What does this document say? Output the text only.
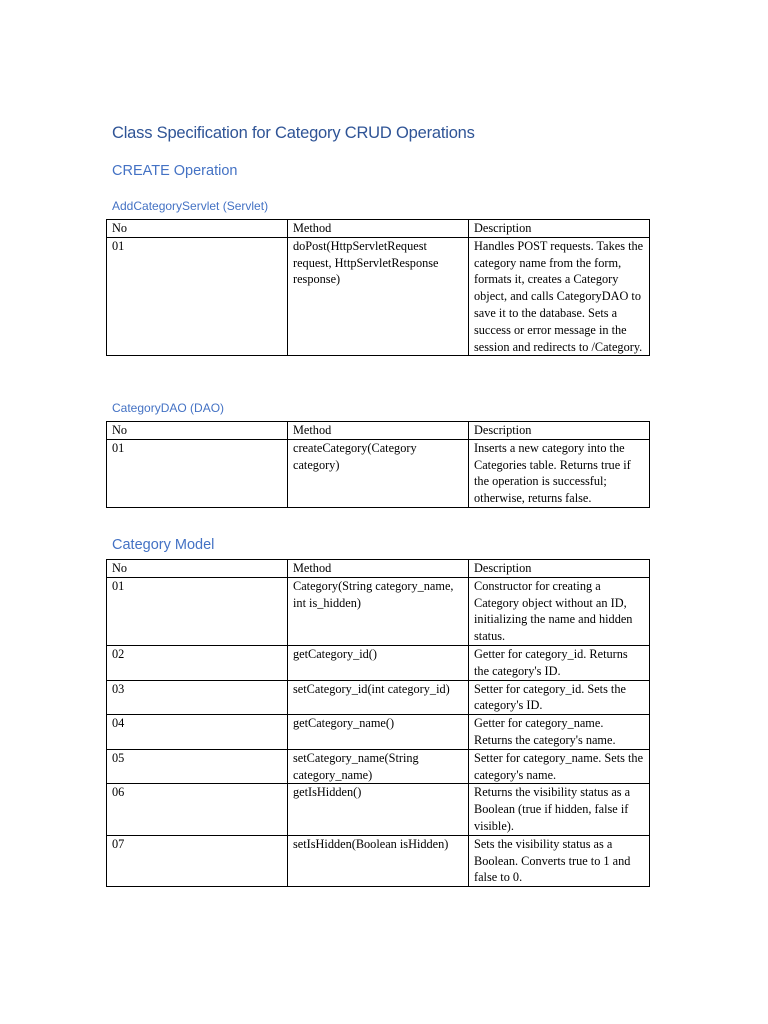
Class Specification for Category CRUD Operations
CREATE Operation
AddCategoryServlet (Servlet)
No	Method	Description
01	doPost(HttpServletRequest request, HttpServletResponse response)	Handles POST requests. Takes the category name from the form, formats it, creates a Category object, and calls CategoryDAO to save it to the database. Sets a success or error message in the session and redirects to /Category.
CategoryDAO (DAO)
No	Method	Description
01	createCategory(Category category)	Inserts a new category into the Categories table. Returns true if the operation is successful; otherwise, returns false.
Category Model
No	Method	Description
01	Category(String category_name, int is_hidden)	Constructor for creating a Category object without an ID, initializing the name and hidden status.
02	getCategory_id()	Getter for category_id. Returns the category's ID.
03	setCategory_id(int category_id)	Setter for category_id. Sets the category's ID.
04	getCategory_name()	Getter for category_name. Returns the category's name.
05	setCategory_name(String category_name)	Setter for category_name. Sets the category's name.
06	getIsHidden()	Returns the visibility status as a Boolean (true if hidden, false if visible).
07	setIsHidden(Boolean isHidden)	Sets the visibility status as a Boolean. Converts true to 1 and false to 0.
